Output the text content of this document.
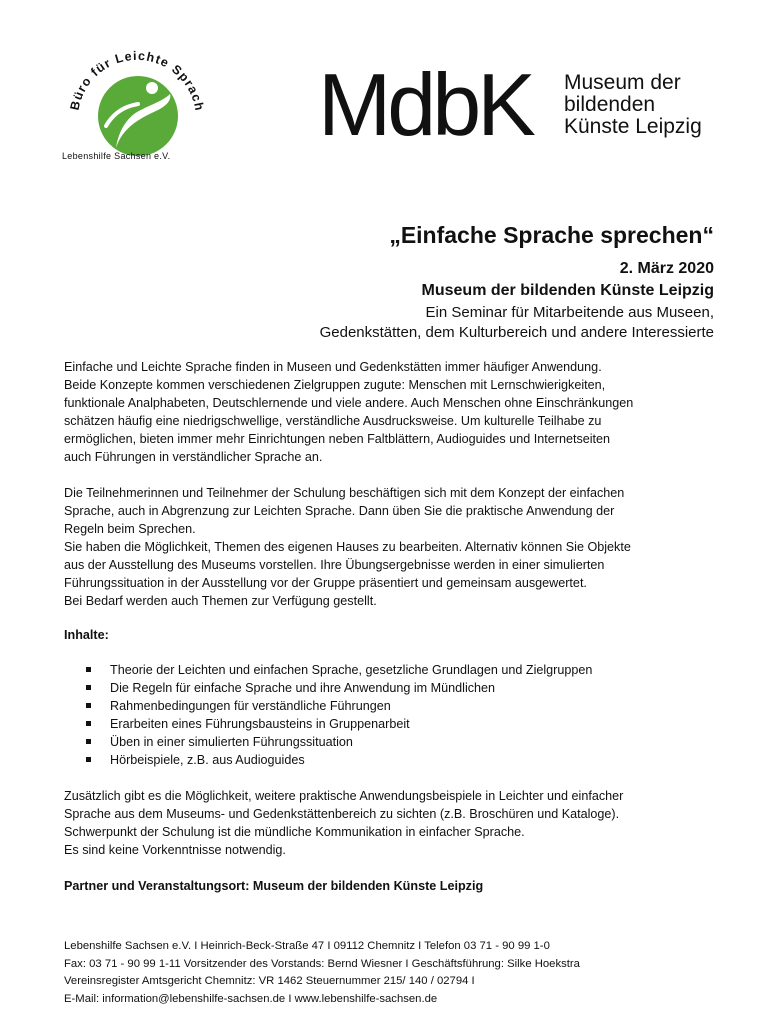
Büro für Leichte Sprach
Lebenshilfe Sachsen e.V.
MdbK Museum der
bildenden
Künste Leipzig
„Einfache Sprache sprechen“
2. März 2020
Museum der bildenden Künste Leipzig
Ein Seminar für Mitarbeitende aus Museen,
Gedenkstätten, dem Kulturbereich und andere Interessierte

Einfache und Leichte Sprache finden in Museen und Gedenkstätten immer häufiger Anwendung.

Beide Konzepte kommen verschiedenen Zielgruppen zugute: Menschen mit Lernschwierigkeiten,

funktionale Analphabeten, Deutschlernende und viele andere. Auch Menschen ohne Einschränkungen

schätzen häufig eine niedrigschwellige, verständliche Ausdrucksweise. Um kulturelle Teilhabe zu

ermöglichen, bieten immer mehr Einrichtungen neben Faltblättern, Audioguides und Internetseiten

auch Führungen in verständlicher Sprache an.

Die Teilnehmerinnen und Teilnehmer der Schulung beschäftigen sich mit dem Konzept der einfachen

Sprache, auch in Abgrenzung zur Leichten Sprache. Dann üben Sie die praktische Anwendung der

Regeln beim Sprechen.

Sie haben die Möglichkeit, Themen des eigenen Hauses zu bearbeiten. Alternativ können Sie Objekte

aus der Ausstellung des Museums vorstellen. Ihre Übungsergebnisse werden in einer simulierten

Führungssituation in der Ausstellung vor der Gruppe präsentiert und gemeinsam ausgewertet.

Bei Bedarf werden auch Themen zur Verfügung gestellt.

Inhalte:
Theorie der Leichten und einfachen Sprache, gesetzliche Grundlagen und Zielgruppen
Die Regeln für einfache Sprache und ihre Anwendung im Mündlichen
Rahmenbedingungen für verständliche Führungen
Erarbeiten eines Führungsbausteins in Gruppenarbeit
Üben in einer simulierten Führungssituation
Hörbeispiele, z.B. aus Audioguides

Zusätzlich gibt es die Möglichkeit, weitere praktische Anwendungsbeispiele in Leichter und einfacher

Sprache aus dem Museums- und Gedenkstättenbereich zu sichten (z.B. Broschüren und Kataloge).

Schwerpunkt der Schulung ist die mündliche Kommunikation in einfacher Sprache.

Es sind keine Vorkenntnisse notwendig.

Partner und Veranstaltungsort: Museum der bildenden Künste Leipzig
Lebenshilfe Sachsen e.V. I Heinrich-Beck-Straße 47 I 09112 Chemnitz I Telefon 03 71 - 90 99 1-0
Fax: 03 71 - 90 99 1-11 Vorsitzender des Vorstands: Bernd Wiesner I Geschäftsführung: Silke Hoekstra
Vereinsregister Amtsgericht Chemnitz: VR 1462 Steuernummer 215/ 140 / 02794 I
E-Mail: information@lebenshilfe-sachsen.de I www.lebenshilfe-sachsen.de
